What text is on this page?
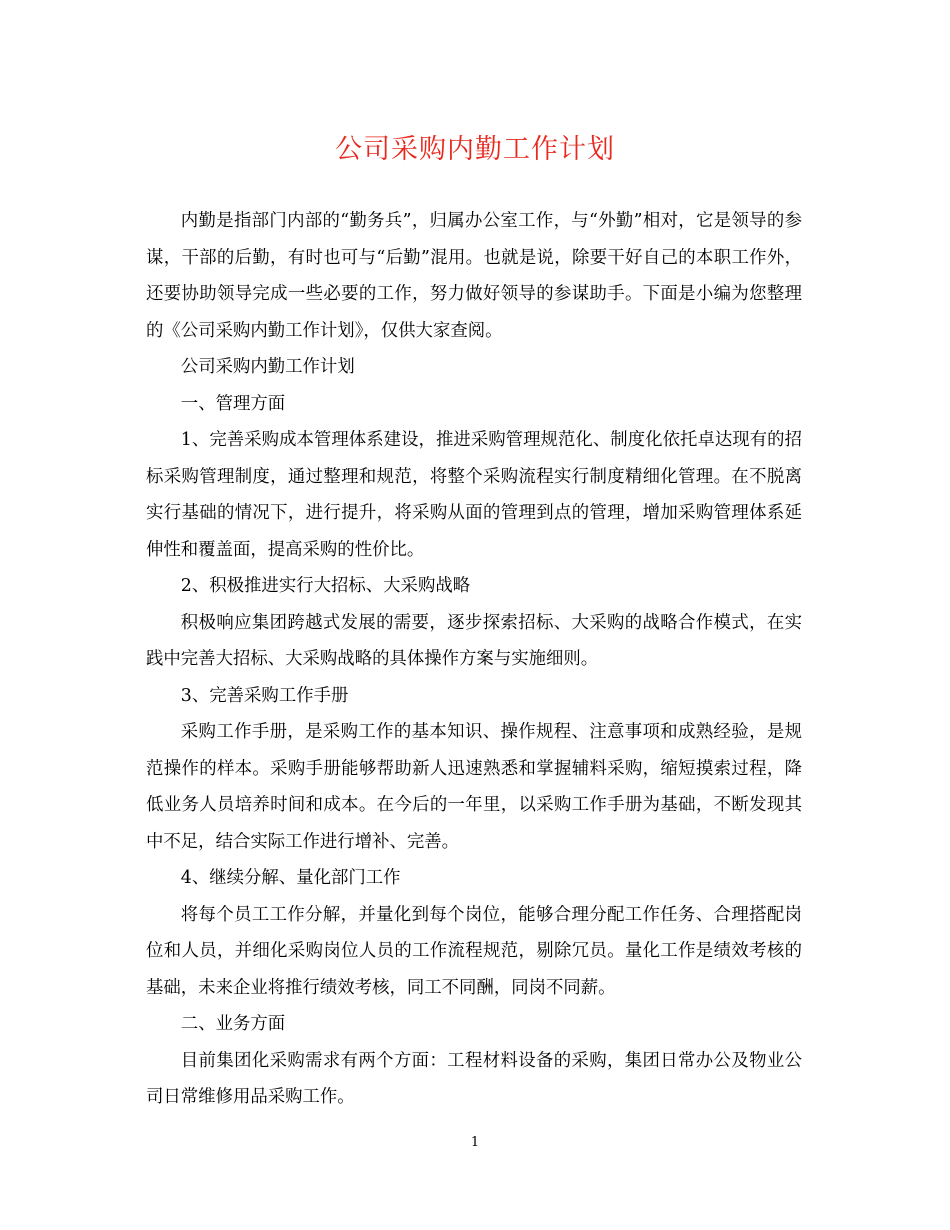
公司采购内勤工作计划

内勤是指部门内部的“勤务兵”，归属办公室工作，与“外勤”相对，它是领导的参谋，干部的后勤，有时也可与“后勤”混用。也就是说，除要干好自己的本职工作外，还要协助领导完成一些必要的工作，努力做好领导的参谋助手。下面是小编为您整理的《公司采购内勤工作计划》，仅供大家查阅。

公司采购内勤工作计划

一、管理方面

1、完善采购成本管理体系建设，推进采购管理规范化、制度化依托卓达现有的招标采购管理制度，通过整理和规范，将整个采购流程实行制度精细化管理。在不脱离实行基础的情况下，进行提升，将采购从面的管理到点的管理，增加采购管理体系延伸性和覆盖面，提高采购的性价比。

2、积极推进实行大招标、大采购战略

积极响应集团跨越式发展的需要，逐步探索招标、大采购的战略合作模式，在实践中完善大招标、大采购战略的具体操作方案与实施细则。

3、完善采购工作手册

采购工作手册，是采购工作的基本知识、操作规程、注意事项和成熟经验，是规范操作的样本。采购手册能够帮助新人迅速熟悉和掌握辅料采购，缩短摸索过程，降低业务人员培养时间和成本。在今后的一年里，以采购工作手册为基础，不断发现其中不足，结合实际工作进行增补、完善。

4、继续分解、量化部门工作

将每个员工工作分解，并量化到每个岗位，能够合理分配工作任务、合理搭配岗位和人员，并细化采购岗位人员的工作流程规范，剔除冗员。量化工作是绩效考核的基础，未来企业将推行绩效考核，同工不同酬，同岗不同薪。

二、业务方面

目前集团化采购需求有两个方面：工程材料设备的采购，集团日常办公及物业公司日常维修用品采购工作。

1
